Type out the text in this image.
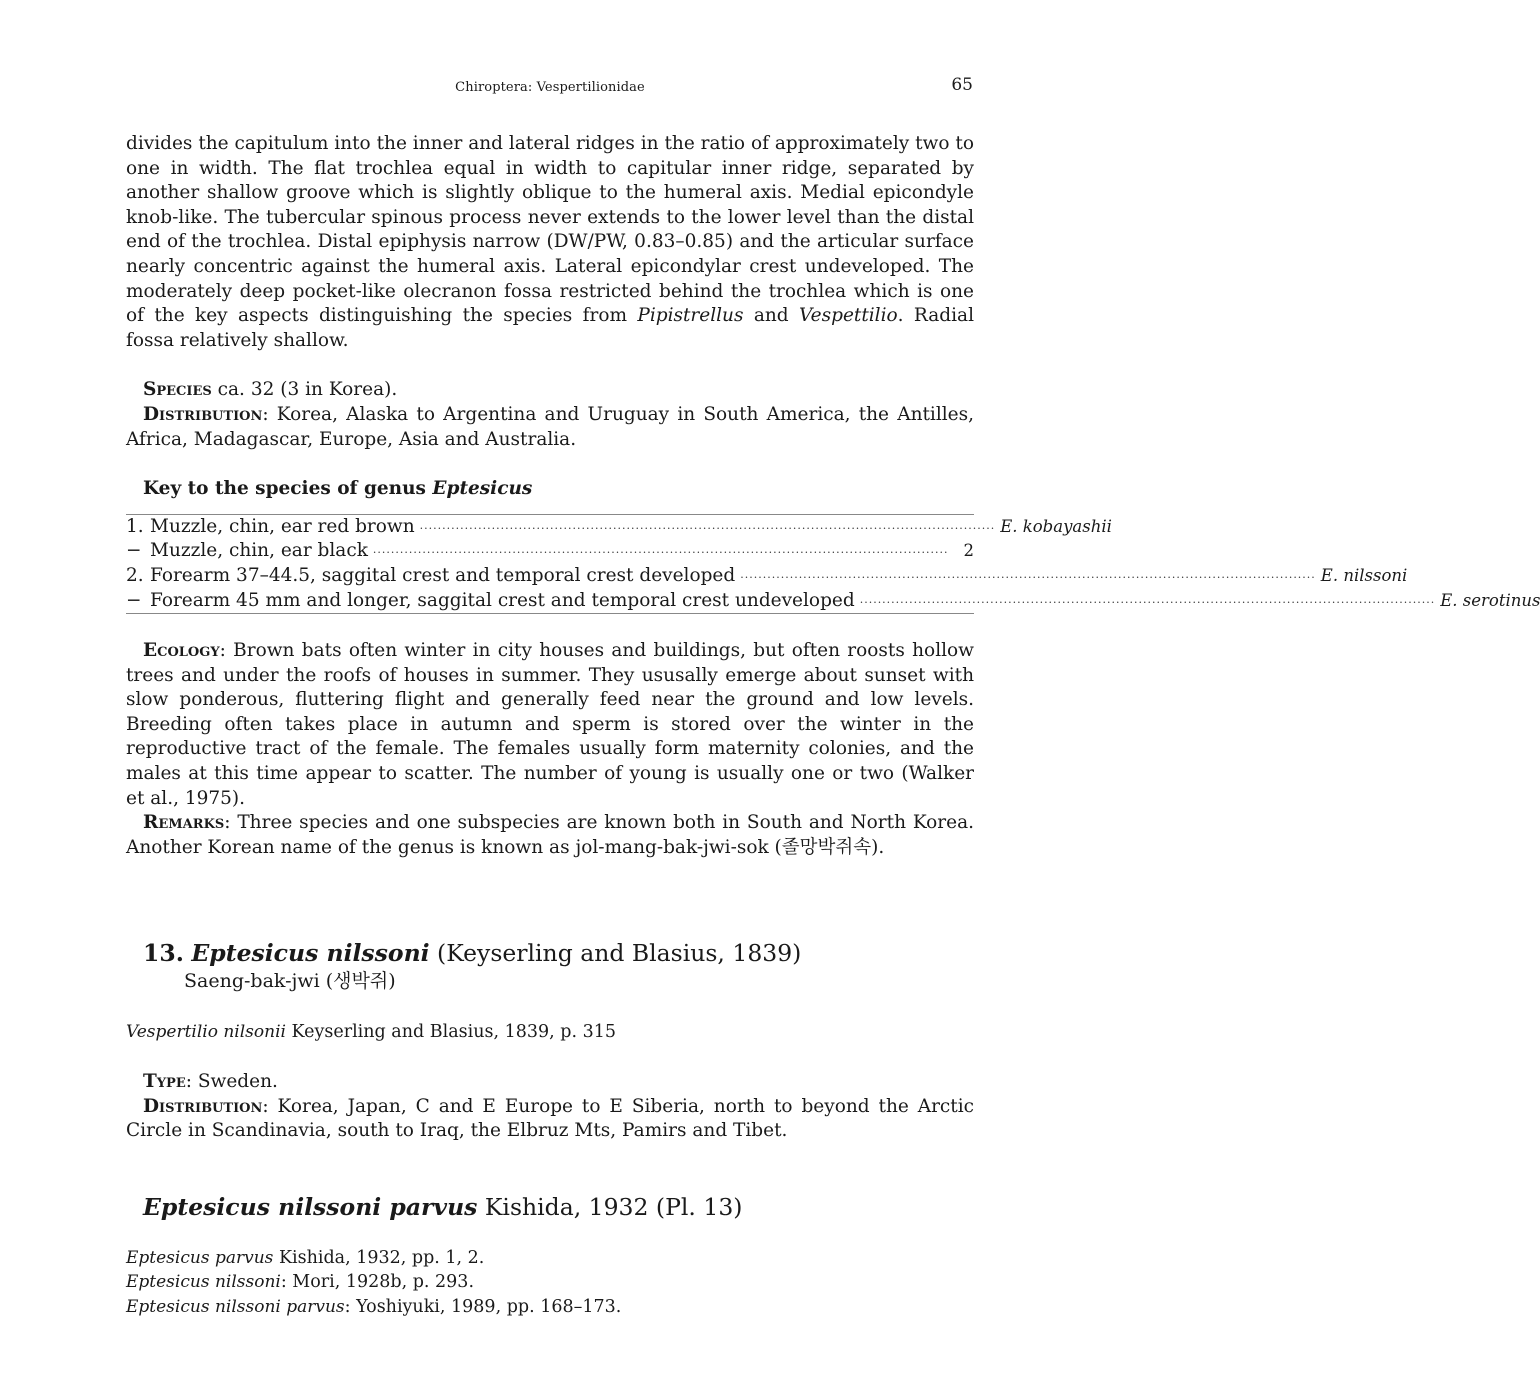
Chiroptera: Vespertilionidae	65

divides the capitulum into the inner and lateral ridges in the ratio of approximately two to one in width. The flat trochlea equal in width to capitular inner ridge, separated by another shallow groove which is slightly oblique to the humeral axis. Medial epicondyle knob-like. The tubercular spinous process never extends to the lower level than the distal end of the trochlea. Distal epiphysis narrow (DW/PW, 0.83–0.85) and the articular surface nearly concentric against the humeral axis. Lateral epicondylar crest undeveloped. The moderately deep pocket-like olecranon fossa restricted behind the trochlea which is one of the key aspects distinguishing the species from Pipistrellus and Vespettilio. Radial fossa relatively shallow.

Species ca. 32 (3 in Korea).

Distribution: Korea, Alaska to Argentina and Uruguay in South America, the Antilles, Africa, Madagascar, Europe, Asia and Australia.

Key to the species of genus Eptesicus
1. Muzzle, chin, ear red brown ································································································································ E. kobayashii
− Muzzle, chin, ear black ································································································································ 2
2. Forearm 37–44.5, saggital crest and temporal crest developed ································································································································ E. nilssoni
− Forearm 45 mm and longer, saggital crest and temporal crest undeveloped ································································································································ E. serotinus

Ecology: Brown bats often winter in city houses and buildings, but often roosts hollow trees and under the roofs of houses in summer. They ususally emerge about sunset with slow ponderous, fluttering flight and generally feed near the ground and low levels. Breeding often takes place in autumn and sperm is stored over the winter in the reproductive tract of the female. The females usually form maternity colonies, and the males at this time appear to scatter. The number of young is usually one or two (Walker et al., 1975).

Remarks: Three species and one subspecies are known both in South and North Korea. Another Korean name of the genus is known as jol-mang-bak-jwi-sok (졸망박쥐속).

13. Eptesicus nilssoni (Keyserling and Blasius, 1839)
Saeng-bak-jwi (생박쥐)

Vespertilio nilsonii Keyserling and Blasius, 1839, p. 315

Type: Sweden.

Distribution: Korea, Japan, C and E Europe to E Siberia, north to beyond the Arctic Circle in Scandinavia, south to Iraq, the Elbruz Mts, Pamirs and Tibet.

Eptesicus nilssoni parvus Kishida, 1932 (Pl. 13)

Eptesicus parvus Kishida, 1932, pp. 1, 2.

Eptesicus nilssoni: Mori, 1928b, p. 293.

Eptesicus nilssoni parvus: Yoshiyuki, 1989, pp. 168–173.
